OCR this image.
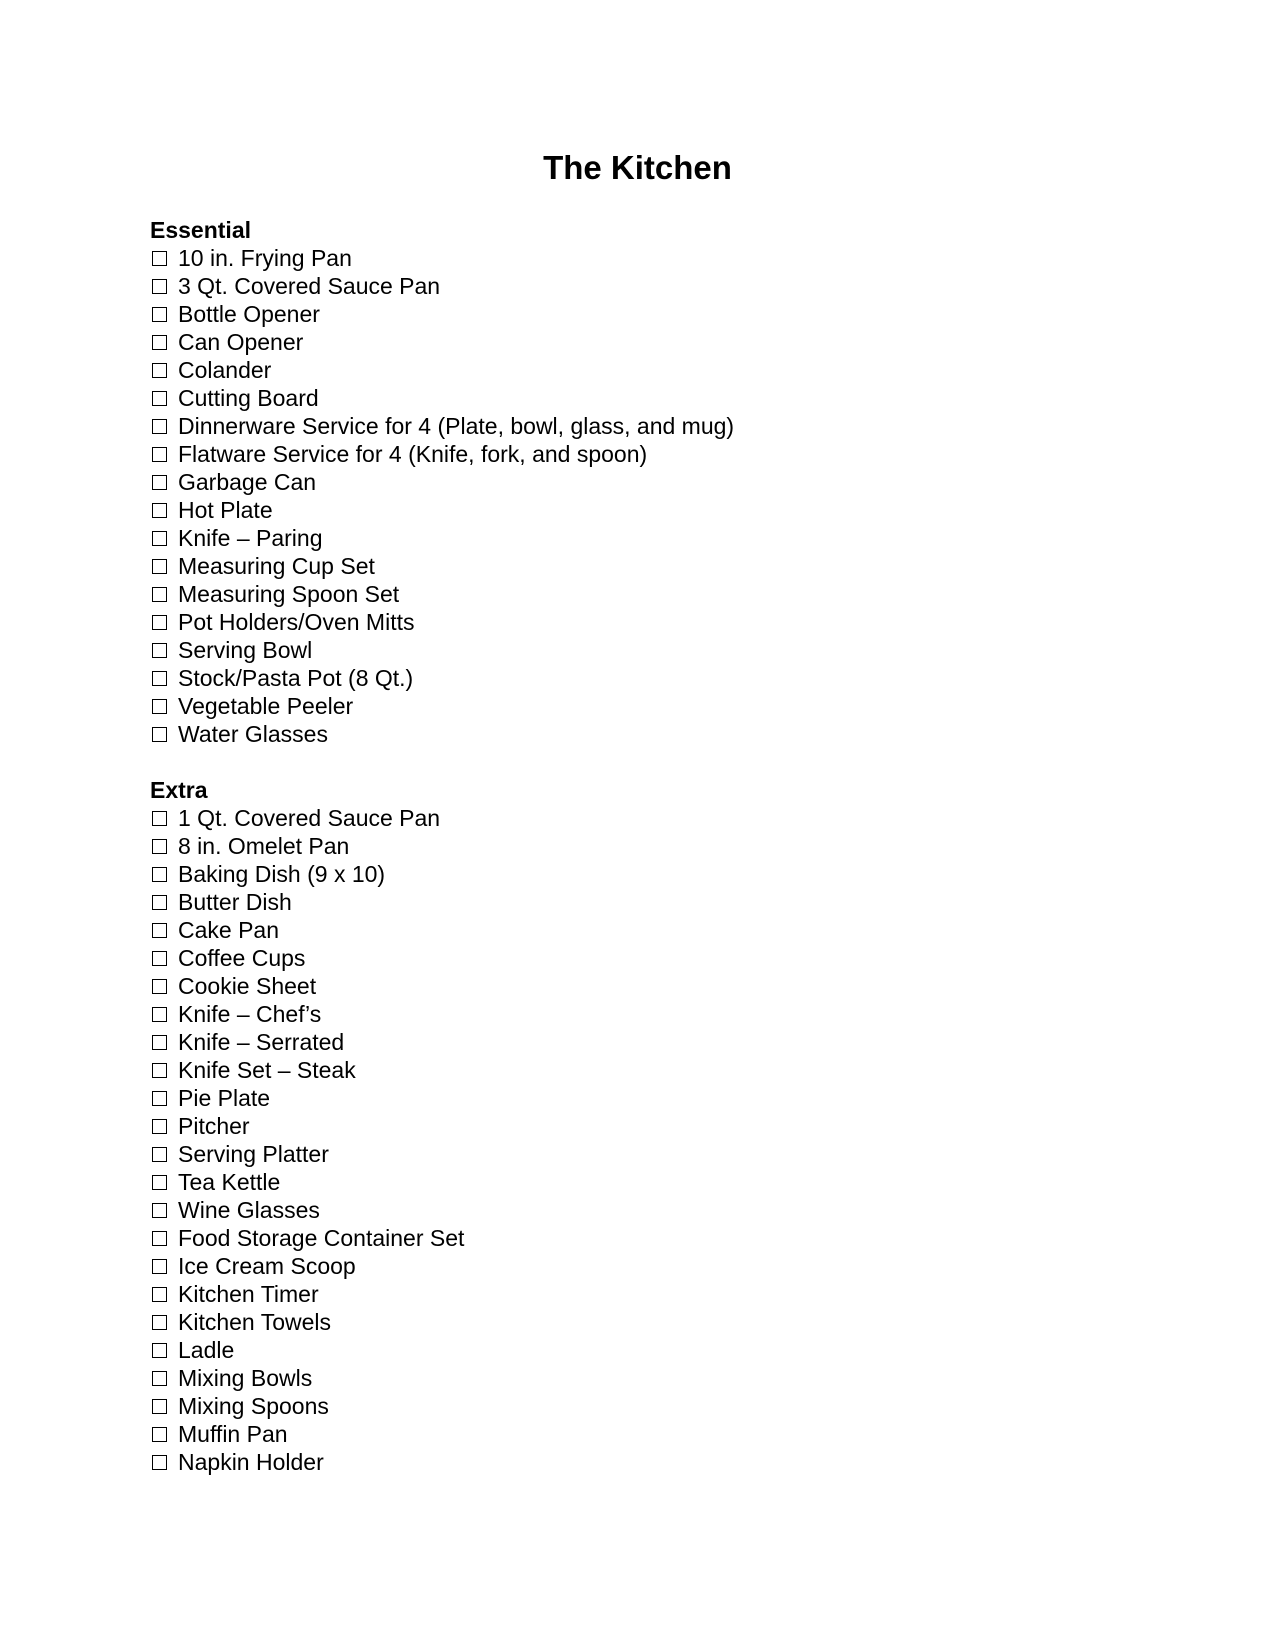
The Kitchen
Essential
10 in. Frying Pan
3 Qt. Covered Sauce Pan
Bottle Opener
Can Opener
Colander
Cutting Board
Dinnerware Service for 4 (Plate, bowl, glass, and mug)
Flatware Service for 4 (Knife, fork, and spoon)
Garbage Can
Hot Plate
Knife – Paring
Measuring Cup Set
Measuring Spoon Set
Pot Holders/Oven Mitts
Serving Bowl
Stock/Pasta Pot (8 Qt.)
Vegetable Peeler
Water Glasses
Extra
1 Qt. Covered Sauce Pan
8 in. Omelet Pan
Baking Dish (9 x 10)
Butter Dish
Cake Pan
Coffee Cups
Cookie Sheet
Knife – Chef’s
Knife – Serrated
Knife Set – Steak
Pie Plate
Pitcher
Serving Platter
Tea Kettle
Wine Glasses
Food Storage Container Set
Ice Cream Scoop
Kitchen Timer
Kitchen Towels
Ladle
Mixing Bowls
Mixing Spoons
Muffin Pan
Napkin Holder
